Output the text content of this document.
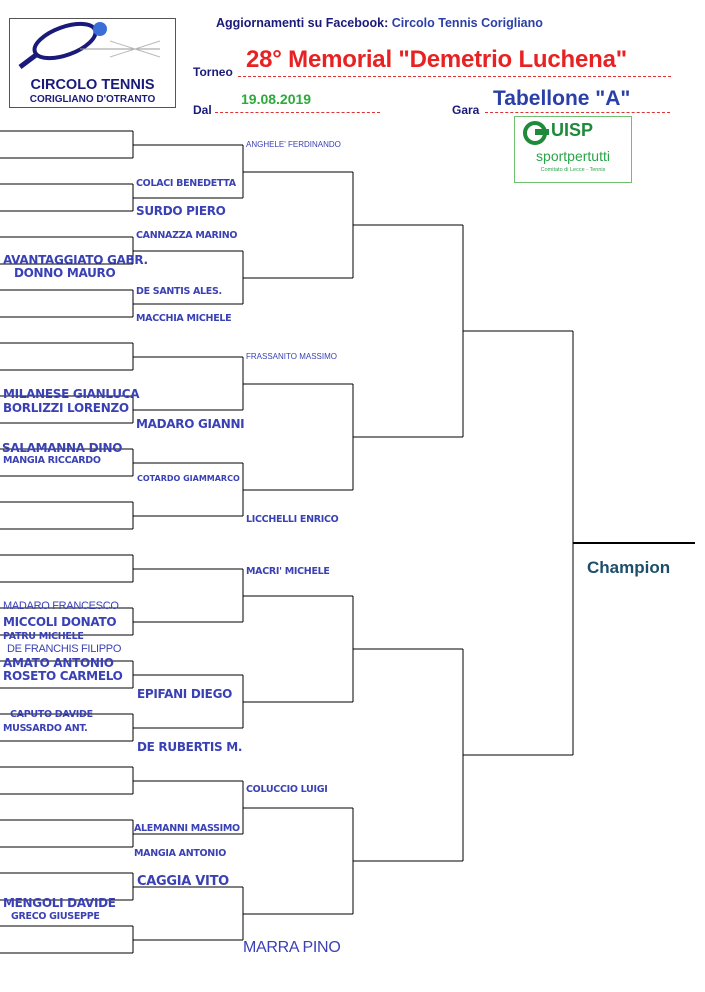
CIRCOLO TENNIS
CORIGLIANO D'OTRANTO
Aggiornamenti su Facebook: Circolo Tennis Corigliano
Torneo 28° Memorial "Demetrio Luchena"
Dal
19.08.2019
Gara Tabellone "A"
UISP
sportpertutti
Comitato di Lecce - Tennis
Champion
AVANTAGGIATO GABR.
DONNO MAURO
MILANESE GIANLUCA
BORLIZZI LORENZO
SALAMANNA DINO
MANGIA RICCARDO
MADARO FRANCESCO
MICCOLI DONATO
PATRU MICHELE
DE FRANCHIS FILIPPO
AMATO ANTONIO
ROSETO CARMELO
CAPUTO DAVIDE
MUSSARDO ANT.
MENGOLI DAVIDE
GRECO GIUSEPPE
COLACI BENEDETTA
SURDO PIERO
CANNAZZA MARINO
DE SANTIS ALES.
MACCHIA MICHELE
MADARO GIANNI
COTARDO GIAMMARCO
EPIFANI DIEGO
DE RUBERTIS M.
ALEMANNI MASSIMO
MANGIA ANTONIO
CAGGIA VITO
ANGHELE' FERDINANDO
FRASSANITO MASSIMO
LICCHELLI ENRICO
MACRI' MICHELE
COLUCCIO LUIGI
MARRA PINO
